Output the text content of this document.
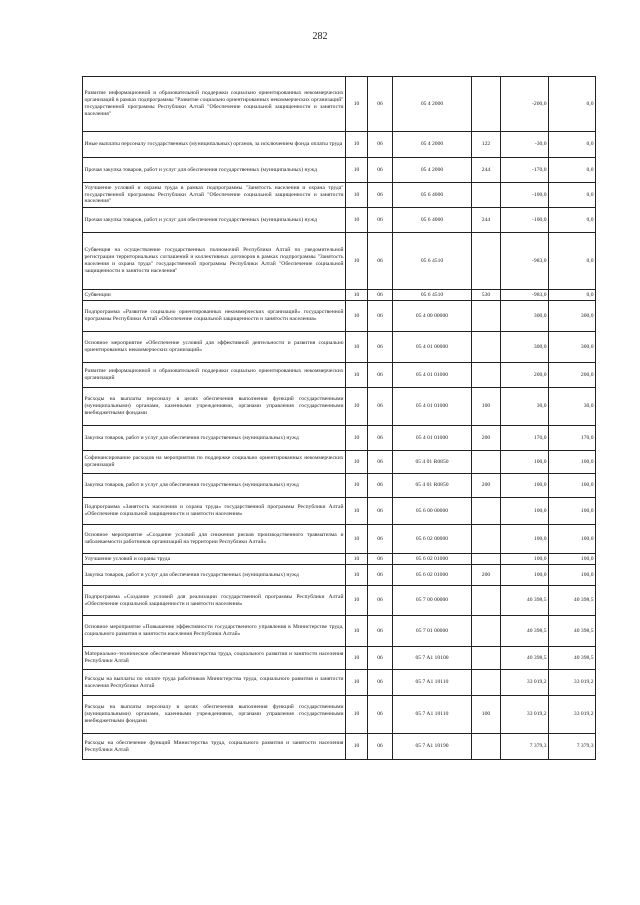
282
Развитие информационной и образовательной поддержки социально ориентированных некоммерческих организаций в рамках подпрограммы "Развитие социально ориентированных некоммерческих организаций" государственной программы Республики Алтай "Обеспечение социальной защищенности и занятости населения"	10	06	05 4 2000		-200,0	0,0
Иные выплаты персоналу государственных (муниципальных) органов, за исключением фонда оплаты труда	10	06	05 4 2000	122	-30,0	0,0
Прочая закупка товаров, работ и услуг для обеспечения государственных (муниципальных) нужд	10	06	05 4 2000	244	-170,0	0,0
Улучшение условий и охраны труда в рамках подпрограммы "Занятость населения и охрана труда" государственной программы Республики Алтай "Обеспечение социальной защищенности и занятости населения"	10	06	05 6 4000		-100,0	0,0
Прочая закупка товаров, работ и услуг для обеспечения государственных (муниципальных) нужд	10	06	05 6 4000	244	-100,0	0,0
Субвенция на осуществление государственных полномочий Республики Алтай по уведомительной регистрации территориальных соглашений и коллективных договоров в рамках подпрограммы "Занятость населения и охрана труда" государственной программы Республики Алтай "Обеспечение социальной защищенности и занятости населения"	10	06	05 6 4510		-983,0	0,0
Субвенции	10	06	05 6 4510	530	-983,0	0,0
Подпрограмма «Развитие социально ориентированных некоммерческих организаций» государственной программы Республики Алтай «Обеспечение социальной защищенности и занятости населения»	10	06	05 4 00 00000		300,0	300,0
Основное мероприятие «Обеспечение условий для эффективной деятельности и развития социально ориентированных некоммерческих организаций»	10	06	05 4 01 00000		300,0	300,0
Развитие информационной и образовательной поддержки социально ориентированных некоммерческих организаций	10	06	05 4 01 01000		200,0	200,0
Расходы на выплаты персоналу в целях обеспечения выполнения функций государственными (муниципальными) органами, казенными учреждениями, органами управления государственными внебюджетными фондами	10	06	05 4 01 01000	100	30,0	30,0
Закупка товаров, работ и услуг для обеспечения государственных (муниципальных) нужд	10	06	05 4 01 01000	200	170,0	170,0
Софинансирование расходов на мероприятия по поддержке социально ориентированных некоммерческих организаций	10	06	05 4 01 R0850		100,0	100,0
Закупка товаров, работ и услуг для обеспечения государственных (муниципальных) нужд	10	06	05 4 01 R0850	200	100,0	100,0
Подпрограмма «Занятость населения и охрана труда» государственной программы Республики Алтай «Обеспечение социальной защищенности и занятости населения»	10	06	05 6 00 00000		100,0	100,0
Основное мероприятие «Создание условий для снижения рисков производственного травматизма и заболеваемости работников организаций на территории Республики Алтай»	10	06	05 6 02 00000		100,0	100,0
Улучшение условий и охраны труда	10	06	05 6 02 01000		100,0	100,0
Закупка товаров, работ и услуг для обеспечения государственных (муниципальных) нужд	10	06	05 6 02 01000	200	100,0	100,0
Подпрограмма «Создание условий для реализации государственной программы Республики Алтай «Обеспечение социальной защищенности и занятости населения»	10	06	05 7 00 00000		40 398,5	40 398,5
Основное мероприятие «Повышение эффективности государственного управления в Министерстве труда, социального развития и занятости населения Республики Алтай»	10	06	05 7 01 00000		40 398,5	40 398,5
Материально–техническое обеспечение Министерства труда, социального развития и занятости населения Республики Алтай	10	06	05 7 A1 10100		40 398,5	40 398,5
Расходы на выплаты по оплате труда работников Министерства труда, социального развития и занятости населения Республики Алтай	10	06	05 7 A1 10110		33 019,2	33 019,2
Расходы на выплаты персоналу в целях обеспечения выполнения функций государственными (муниципальными) органами, казенными учреждениями, органами управления государственными внебюджетными фондами	10	06	05 7 A1 10110	100	33 019,2	33 019,2
Расходы на обеспечение функций Министерства труда, социального развития и занятости населения Республики Алтай	10	06	05 7 A1 10190		7 379,3	7 379,3
